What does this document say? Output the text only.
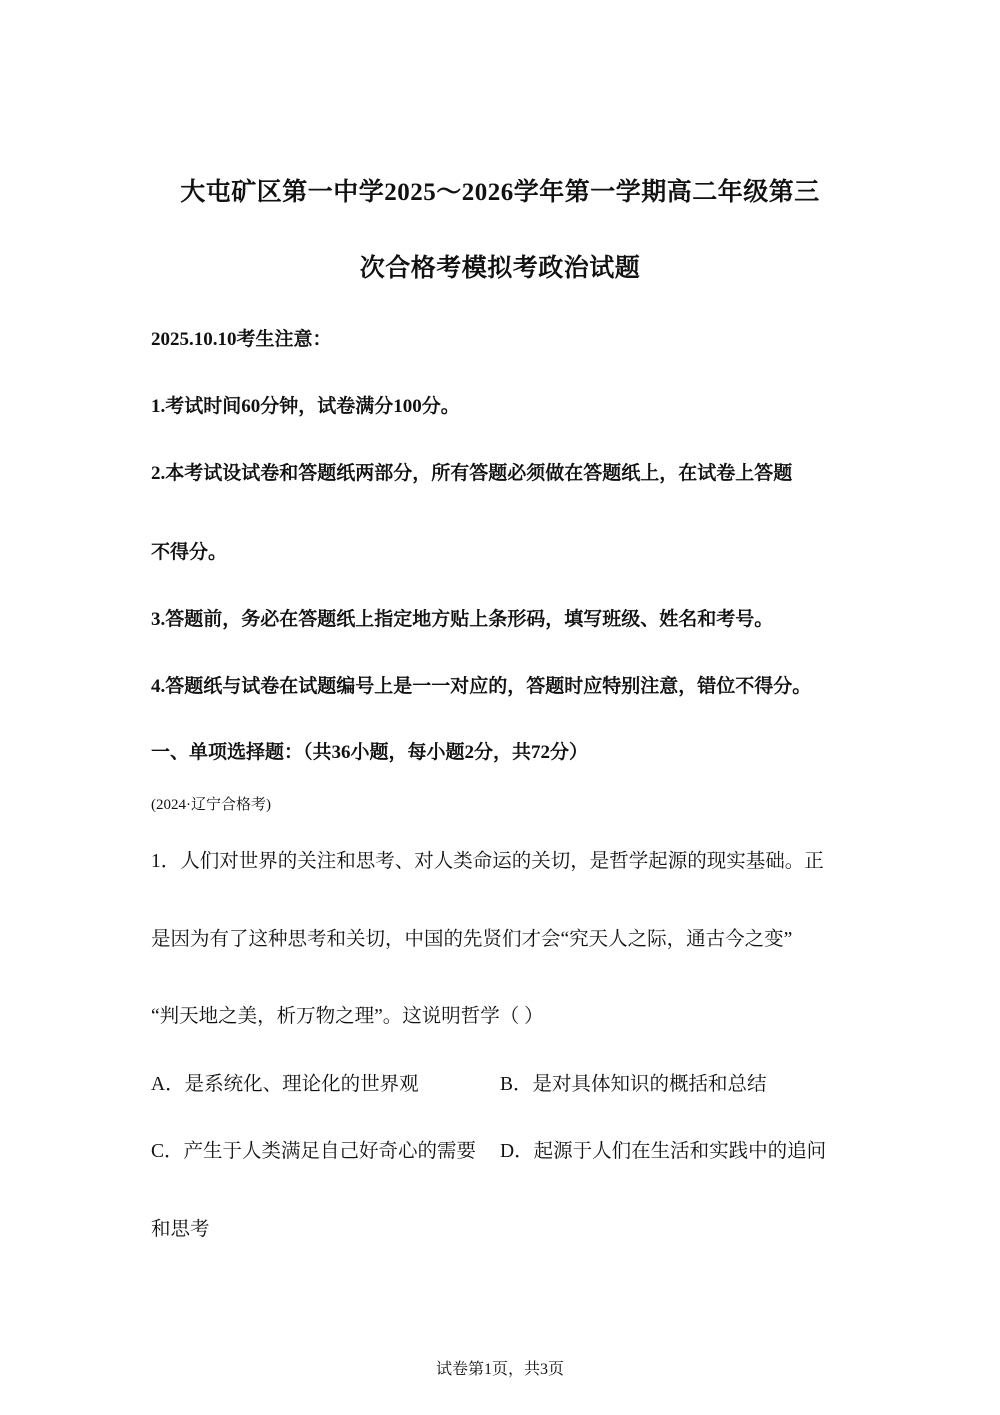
大屯矿区第一中学2025～2026学年第一学期高二年级第三
次合格考模拟考政治试题
2025.10.10考生注意：
1.考试时间60分钟，试卷满分100分。
2.本考试设试卷和答题纸两部分，所有答题必须做在答题纸上，在试卷上答题
不得分。
3.答题前，务必在答题纸上指定地方贴上条形码，填写班级、姓名和考号。
4.答题纸与试卷在试题编号上是一一对应的，答题时应特别注意，错位不得分。
一、单项选择题：（共36小题，每小题2分，共72分）
(2024·辽宁合格考)
1．人们对世界的关注和思考、对人类命运的关切，是哲学起源的现实基础。正
是因为有了这种思考和关切，中国的先贤们才会“究天人之际，通古今之变”
“判天地之美，析万物之理”。这说明哲学（ ）
A．是系统化、理论化的世界观	B．是对具体知识的概括和总结
C．产生于人类满足自己好奇心的需要 D．起源于人们在生活和实践中的追问
和思考
试卷第1页，共3页
